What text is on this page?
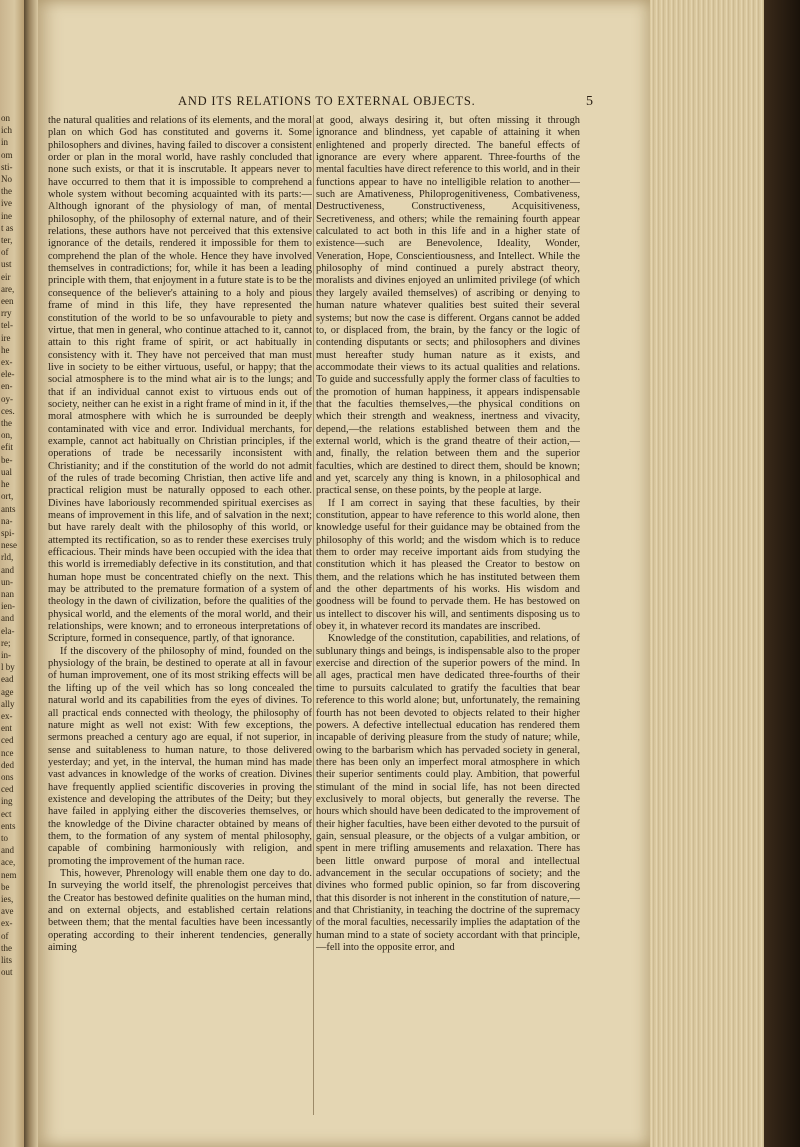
on
ich
in
om
sti-
No
the
ive
ine
t as
ter,
of
ust
eir
are,
een
rry
tel-
ire
he
ex-
ele-
en-
oy-
ces.
the
on,
efit
be-
ual
he
ort,
ants
na-
spi-
nese
rld,
and
un-
nan
ien-
and
ela-
re;
in-
l by
ead
age
ally
ex-
ent
ced
nce
ded
ons
ced
ing
ect
ents
to
and
ace,
nem
be
ies,
ave
ex-
of
the
lits
out
AND ITS RELATIONS TO EXTERNAL OBJECTS.	5

the natural qualities and relations of its elements, and the moral plan on which God has constituted and governs it. Some philosophers and divines, having failed to discover a consistent order or plan in the moral world, have rashly concluded that none such exists, or that it is inscrutable. It appears never to have occurred to them that it is impossible to comprehend a whole system without becoming acquainted with its parts:—Although ignorant of the physiology of man, of mental philosophy, of the philosophy of external nature, and of their relations, these authors have not perceived that this extensive ignorance of the details, rendered it impossible for them to comprehend the plan of the whole. Hence they have involved themselves in contradictions; for, while it has been a leading principle with them, that enjoyment in a future state is to be the consequence of the believer's attaining to a holy and pious frame of mind in this life, they have represented the constitution of the world to be so unfavourable to piety and virtue, that men in general, who continue attached to it, cannot attain to this right frame of spirit, or act habitually in consistency with it. They have not perceived that man must live in society to be either virtuous, useful, or happy; that the social atmosphere is to the mind what air is to the lungs; and that if an individual cannot exist to virtuous ends out of society, neither can he exist in a right frame of mind in it, if the moral atmosphere with which he is surrounded be deeply contaminated with vice and error. Individual merchants, for example, cannot act habitually on Christian principles, if the operations of trade be necessarily inconsistent with Christianity; and if the constitution of the world do not admit of the rules of trade becoming Christian, then active life and practical religion must be naturally opposed to each other. Divines have laboriously recommended spiritual exercises as means of improvement in this life, and of salvation in the next; but have rarely dealt with the philosophy of this world, or attempted its rectification, so as to render these exercises truly efficacious. Their minds have been occupied with the idea that this world is irremediably defective in its constitution, and that human hope must be concentrated chiefly on the next. This may be attributed to the premature formation of a system of theology in the dawn of civilization, before the qualities of the physical world, and the elements of the moral world, and their relationships, were known; and to erroneous interpretations of Scripture, formed in consequence, partly, of that ignorance.

If the discovery of the philosophy of mind, founded on the physiology of the brain, be destined to operate at all in favour of human improvement, one of its most striking effects will be the lifting up of the veil which has so long concealed the natural world and its capabilities from the eyes of divines. To all practical ends connected with theology, the philosophy of nature might as well not exist: With few exceptions, the sermons preached a century ago are equal, if not superior, in sense and suitableness to human nature, to those delivered yesterday; and yet, in the interval, the human mind has made vast advances in knowledge of the works of creation. Divines have frequently applied scientific discoveries in proving the existence and developing the attributes of the Deity; but they have failed in applying either the discoveries themselves, or the knowledge of the Divine character obtained by means of them, to the formation of any system of mental philosophy, capable of combining harmoniously with religion, and promoting the improvement of the human race.

This, however, Phrenology will enable them one day to do. In surveying the world itself, the phrenologist perceives that the Creator has bestowed definite qualities on the human mind, and on external objects, and established certain relations between them; that the mental faculties have been incessantly operating according to their inherent tendencies, generally aiming

at good, always desiring it, but often missing it through ignorance and blindness, yet capable of attaining it when enlightened and properly directed. The baneful effects of ignorance are every where apparent. Three-fourths of the mental faculties have direct reference to this world, and in their functions appear to have no intelligible relation to another—such are Amativeness, Philoprogenitiveness, Combativeness, Destructiveness, Constructiveness, Acquisitiveness, Secretiveness, and others; while the remaining fourth appear calculated to act both in this life and in a higher state of existence—such are Benevolence, Ideality, Wonder, Veneration, Hope, Conscientiousness, and Intellect. While the philosophy of mind continued a purely abstract theory, moralists and divines enjoyed an unlimited privilege (of which they largely availed themselves) of ascribing or denying to human nature whatever qualities best suited their several systems; but now the case is different. Organs cannot be added to, or displaced from, the brain, by the fancy or the logic of contending disputants or sects; and philosophers and divines must hereafter study human nature as it exists, and accommodate their views to its actual qualities and relations. To guide and successfully apply the former class of faculties to the promotion of human happiness, it appears indispensable that the faculties themselves,—the physical conditions on which their strength and weakness, inertness and vivacity, depend,—the relations established between them and the external world, which is the grand theatre of their action,—and, finally, the relation between them and the superior faculties, which are destined to direct them, should be known; and yet, scarcely any thing is known, in a philosophical and practical sense, on these points, by the people at large.

If I am correct in saying that these faculties, by their constitution, appear to have reference to this world alone, then knowledge useful for their guidance may be obtained from the philosophy of this world; and the wisdom which is to reduce them to order may receive important aids from studying the constitution which it has pleased the Creator to bestow on them, and the relations which he has instituted between them and the other departments of his works. His wisdom and goodness will be found to pervade them. He has bestowed on us intellect to discover his will, and sentiments disposing us to obey it, in whatever record its mandates are inscribed.

Knowledge of the constitution, capabilities, and relations, of sublunary things and beings, is indispensable also to the proper exercise and direction of the superior powers of the mind. In all ages, practical men have dedicated three-fourths of their time to pursuits calculated to gratify the faculties that bear reference to this world alone; but, unfortunately, the remaining fourth has not been devoted to objects related to their higher powers. A defective intellectual education has rendered them incapable of deriving pleasure from the study of nature; while, owing to the barbarism which has pervaded society in general, there has been only an imperfect moral atmosphere in which their superior sentiments could play. Ambition, that powerful stimulant of the mind in social life, has not been directed exclusively to moral objects, but generally the reverse. The hours which should have been dedicated to the improvement of their higher faculties, have been either devoted to the pursuit of gain, sensual pleasure, or the objects of a vulgar ambition, or spent in mere trifling amusements and relaxation. There has been little onward purpose of moral and intellectual advancement in the secular occupations of society; and the divines who formed public opinion, so far from discovering that this disorder is not inherent in the constitution of nature,—and that Christianity, in teaching the doctrine of the supremacy of the moral faculties, necessarily implies the adaptation of the human mind to a state of society accordant with that principle,—fell into the opposite error, and
